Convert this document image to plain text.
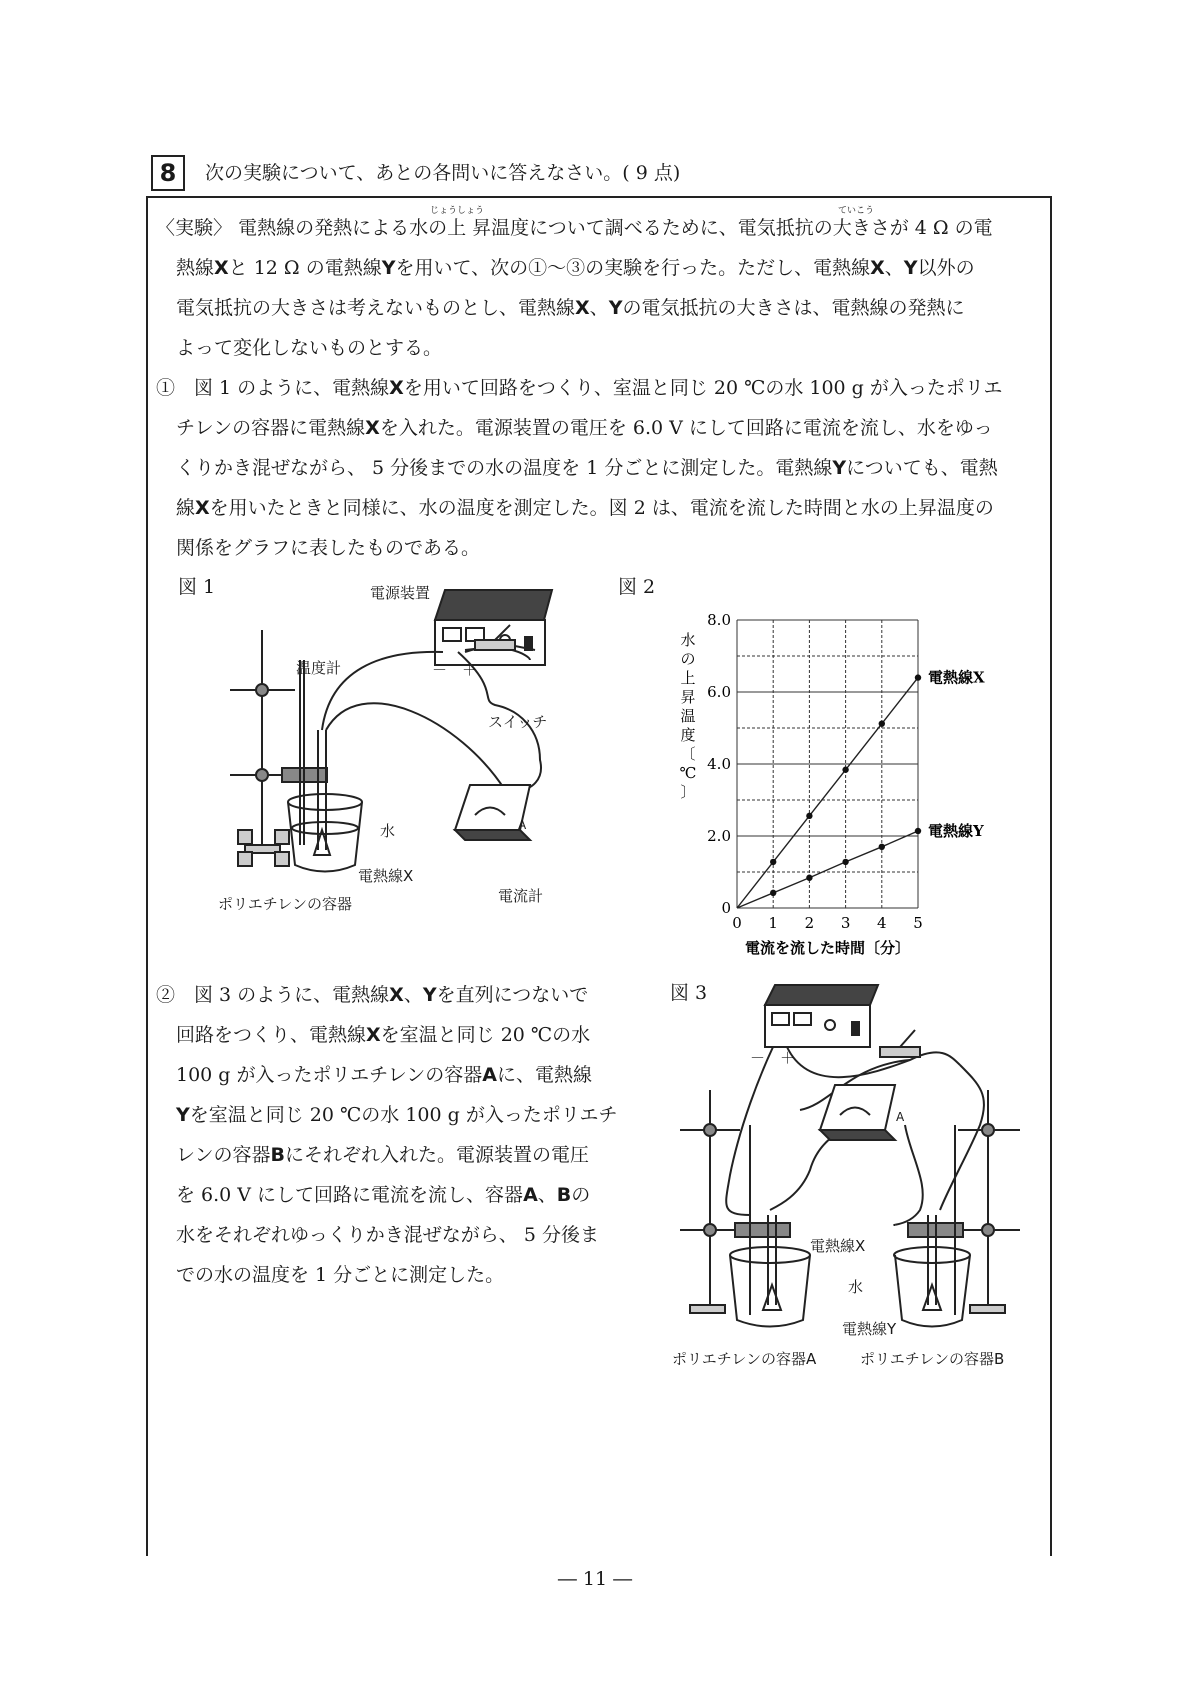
8 次の実験について、あとの各問いに答えなさい。( 9 点)
じょうしょう	ていこう
〈実験〉 電熱線の発熱による水の上 昇温度について調べるために、電気抵抗の大きさが 4 Ω の電
熱線Xと 12 Ω の電熱線Yを用いて、次の①～③の実験を行った。ただし、電熱線X、Y以外の
電気抵抗の大きさは考えないものとし、電熱線X、Yの電気抵抗の大きさは、電熱線の発熱に
よって変化しないものとする。
①　図 1 のように、電熱線Xを用いて回路をつくり、室温と同じ 20 ℃の水 100 g が入ったポリエ
チレンの容器に電熱線Xを入れた。電源装置の電圧を 6.0 V にして回路に電流を流し、水をゆっ
くりかき混ぜながら、 5 分後までの水の温度を 1 分ごとに測定した。電熱線Yについても、電熱
線Xを用いたときと同様に、水の温度を測定した。図 2 は、電流を流した時間と水の上昇温度の
関係をグラフに表したものである。
図 1	図 2
図 3
電源装置
温度計	－ ＋
スイッチ
水
電熱線X
ポリエチレンの容器	電流計
A
電熱線X
電熱線Y
0
2.0
4.0
6.0
8.0
0 1 2 3 4 5
水の上昇温度〔℃〕
電流を流した時間〔分〕
②　図 3 のように、電熱線X、Yを直列につないで
回路をつくり、電熱線Xを室温と同じ 20 ℃の水
100 g が入ったポリエチレンの容器Aに、電熱線
Yを室温と同じ 20 ℃の水 100 g が入ったポリエチ
レンの容器Bにそれぞれ入れた。電源装置の電圧
を 6.0 V にして回路に電流を流し、容器A、Bの
水をそれぞれゆっくりかき混ぜながら、 5 分後ま
での水の温度を 1 分ごとに測定した。
－ ＋
電熱線X
水
電熱線Y
ポリエチレンの容器A	ポリエチレンの容器B
A
― 11 ―
